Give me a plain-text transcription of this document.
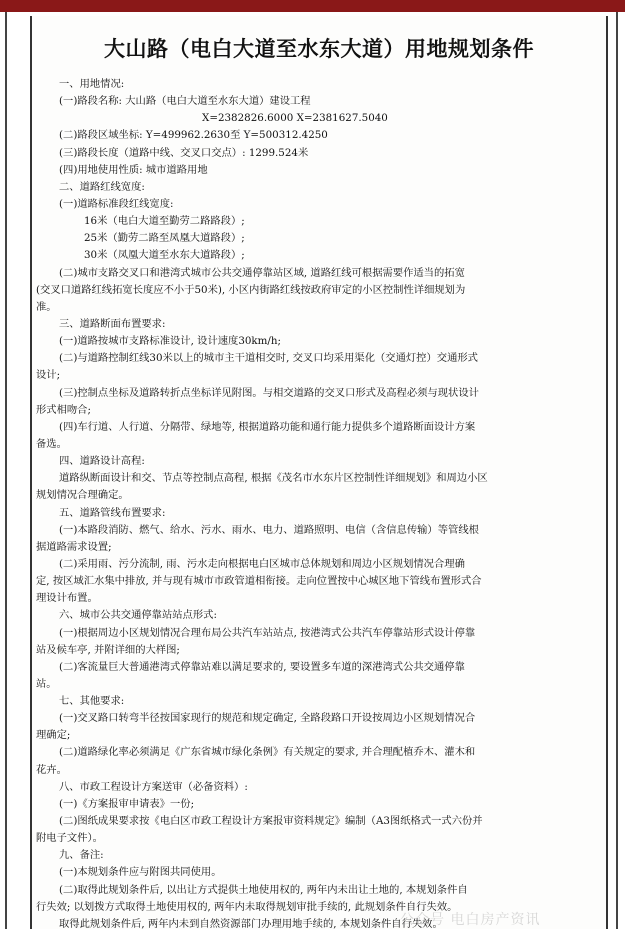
大山路（电白大道至水东大道）用地规划条件
一、用地情况:
(一)路段名称: 大山路（电白大道至水东大道）建设工程
X=2382826.6000 X=2381627.5040
(二)路段区域坐标: Y=499962.2630至 Y=500312.4250
(三)路段长度（道路中线、交叉口交点）: 1299.524米
(四)用地使用性质: 城市道路用地
二、道路红线宽度:
(一)道路标准段红线宽度:
16米（电白大道至勤劳二路路段）;
25米（勤劳二路至凤凰大道路段）;
30米（凤凰大道至水东大道路段）;
(二)城市支路交叉口和港湾式城市公共交通停靠站区域, 道路红线可根据需要作适当的拓宽
(交叉口道路红线拓宽长度应不小于50米), 小区内街路红线按政府审定的小区控制性详细规划为
准。
三、道路断面布置要求:
(一)道路按城市支路标准设计, 设计速度30km/h;
(二)与道路控制红线30米以上的城市主干道相交时, 交叉口均采用渠化（交通灯控）交通形式
设计;
(三)控制点坐标及道路转折点坐标详见附图。与相交道路的交叉口形式及高程必须与现状设计
形式相吻合;
(四)车行道、人行道、分隔带、绿地等, 根据道路功能和通行能力提供多个道路断面设计方案
备选。
四、道路设计高程:
道路纵断面设计和交、节点等控制点高程, 根据《茂名市水东片区控制性详细规划》和周边小区
规划情况合理确定。
五、道路管线布置要求:
(一)本路段消防、燃气、给水、污水、雨水、电力、道路照明、电信（含信息传输）等管线根
据道路需求设置;
(二)采用雨、污分流制, 雨、污水走向根据电白区城市总体规划和周边小区规划情况合理确
定, 按区域汇水集中排放, 并与现有城市市政管道相衔接。走向位置按中心城区地下管线布置形式合
理设计布置。
六、城市公共交通停靠站站点形式:
(一)根据周边小区规划情况合理布局公共汽车站站点, 按港湾式公共汽车停靠站形式设计停靠
站及候车亭, 并附详细的大样图;
(二)客流量巨大普通港湾式停靠站难以满足要求的, 要设置多车道的深港湾式公共交通停靠
站。
七、其他要求:
(一)交叉路口转弯半径按国家现行的规范和规定确定, 全路段路口开设按周边小区规划情况合
理确定;
(二)道路绿化率必须满足《广东省城市绿化条例》有关规定的要求, 并合理配植乔木、灌木和
花卉。
八、市政工程设计方案送审（必备资料）:
(一)《方案报审申请表》一份;
(二)图纸成果要求按《电白区市政工程设计方案报审资料规定》编制（A3图纸格式一式六份并
附电子文件）。
九、备注:
(一)本规划条件应与附图共同使用。
(二)取得此规划条件后, 以出让方式提供土地使用权的, 两年内未出让土地的, 本规划条件自
行失效; 以划拨方式取得土地使用权的, 两年内未取得规划审批手续的, 此规划条件自行失效。
取得此规划条件后, 两年内未到自然资源部门办理用地手续的, 本规划条件自行失效。
公众号 电白房产资讯
